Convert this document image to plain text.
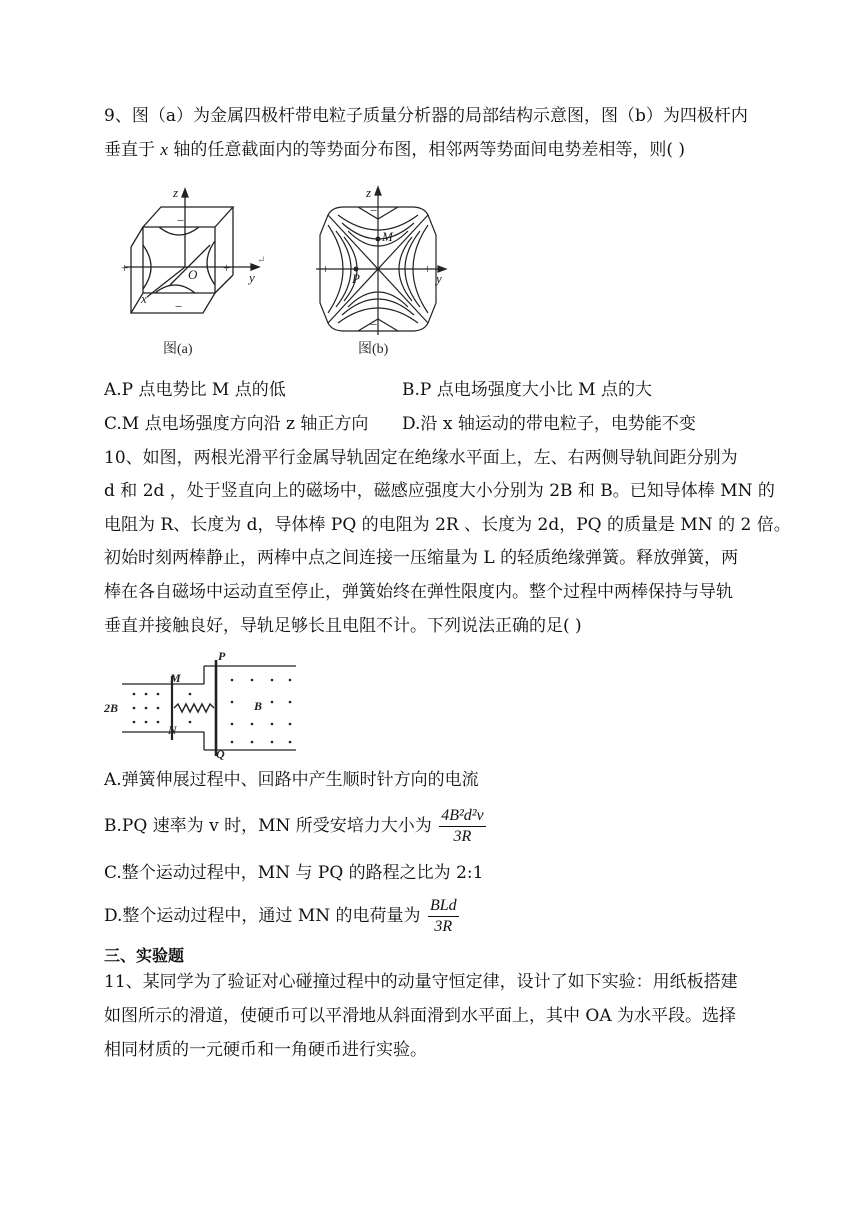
9、图（a）为金属四极杆带电粒子质量分析器的局部结构示意图，图（b）为四极杆内
垂直于 x 轴的任意截面内的等势面分布图，相邻两等势面间电势差相等，则( )
z
y
x
O
+	+
−
−
图(a)
↵
z
y
M
P
+	+
−
−
图(b)
A.P 点电势比 M 点的低	B.P 点电场强度大小比 M 点的大
C.M 点电场强度方向沿 z 轴正方向 D.沿 x 轴运动的带电粒子，电势能不变
10、如图，两根光滑平行金属导轨固定在绝缘水平面上，左、右两侧导轨间距分别为
d 和 2d ，处于竖直向上的磁场中，磁感应强度大小分别为 2B 和 B。已知导体棒 MN 的
电阻为 R、长度为 d，导体棒 PQ 的电阻为 2R 、长度为 2d，PQ 的质量是 MN 的 2 倍。
初始时刻两棒静止，两棒中点之间连接一压缩量为 L 的轻质绝缘弹簧。释放弹簧，两
棒在各自磁场中运动直至停止，弹簧始终在弹性限度内。整个过程中两棒保持与导轨
垂直并接触良好，导轨足够长且电阻不计。下列说法正确的足( )
P
Q
M
N
2B	B
A.弹簧伸展过程中、回路中产生顺时针方向的电流
B.PQ 速率为 v 时，MN 所受安培力大小为 $\frac{\text{4B²d²v}}{3R}$
C.整个运动过程中，MN 与 PQ 的路程之比为 2:1
D.整个运动过程中，通过 MN 的电荷量为 $\frac{\text{BLd}}{3R}$
三、实验题
11、某同学为了验证对心碰撞过程中的动量守恒定律，设计了如下实验：用纸板搭建
如图所示的滑道，使硬币可以平滑地从斜面滑到水平面上，其中 OA 为水平段。选择
相同材质的一元硬币和一角硬币进行实验。
